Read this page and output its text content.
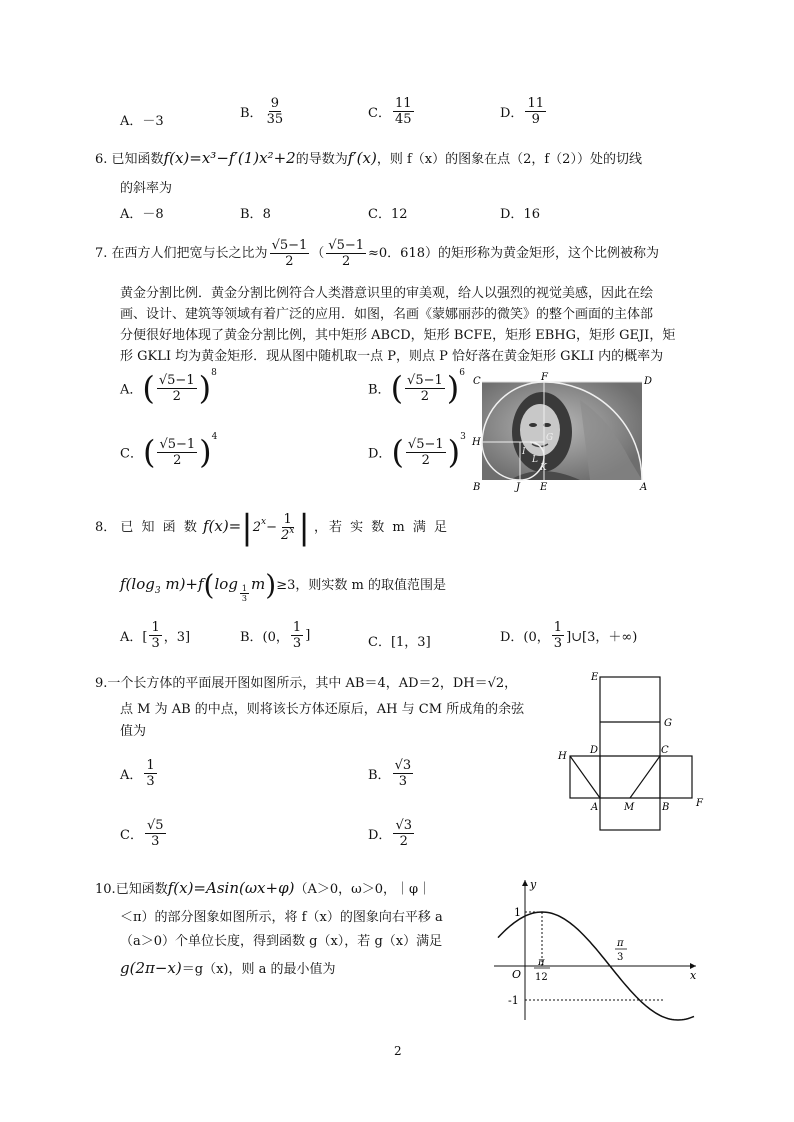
A．－3
B． $\frac{9}{35}$	C． $\frac{11}{45}$	D． $\frac{11}{9}$
6. 已知函数f(x)=x³−f′(1)x²+2的导数为f′(x)，则 f（x）的图象在点（2，f（2））处的切线
的斜率为
A．－8	B．8	C．12	D．16
7. 在西方人们把宽与长之比为 $\frac{√5-1}{2}$ （ $\frac{√5-1}{2} \approx 0$．618）的矩形称为黄金矩形，这个比例被称为
黄金分割比例．黄金分割比例符合人类潜意识里的审美观，给人以强烈的视觉美感，因此在绘
画、设计、建筑等领域有着广泛的应用．如图，名画《蒙娜丽莎的微笑》的整个画面的主体部
分便很好地体现了黄金分割比例，其中矩形 ABCD，矩形 BCFE，矩形 EBHG，矩形 GEJI，矩
形 GKLI 均为黄金矩形．现从图中随机取一点 P，则点 P 恰好落在黄金矩形 GKLI 内的概率为
A．( $\frac{√5-1}{2} )^8$
B．( $\frac{√5-1}{2} )^6$
C．( $\frac{√5-1}{2} )^4$
D．( $\frac{√5-1}{2} )^3$
C	F	D
H	G
I
L
K
B	J E	A
8． 已 知 函 数 $f(x)=|2^x- \frac{1}{2^x}$ | ，若 实 数 m 满 足
$f(\log_3$ $m)+f(\log \frac{1}{3} m)\ge 3$，则实数 m 的取值范围是
A．[ $\frac{1}{3}$ ，3]	B．(0， $\frac{1}{3}$ ]	C．[1，3]	D．(0， $\frac{1}{3}$ ]∪[3，＋∞)
9.一个长方体的平面展开图如图所示，其中 AB＝4，AD＝2，DH＝√2，
点 M 为 AB 的中点，则将该长方体还原后，AH 与 CM 所成角的余弦
值为
A． $\frac{1}{3}$	B． $\frac{√3}{3}$
C． $\frac{√5}{3}$	D． $\frac{√3}{2}$
E
G
H
D	C
A	M	B	F
10.已知函数f(x)=Asin(ωx+φ)（A＞0，ω＞0，｜φ｜
＜π）的部分图象如图所示，将 f（x）的图象向右平移 a
（a＞0）个单位长度，得到函数 g（x），若 g（x）满足
g(2π−x)＝g（x)，则 a 的最小值为
y
x
O
1
-1
π
12
π
3
2
